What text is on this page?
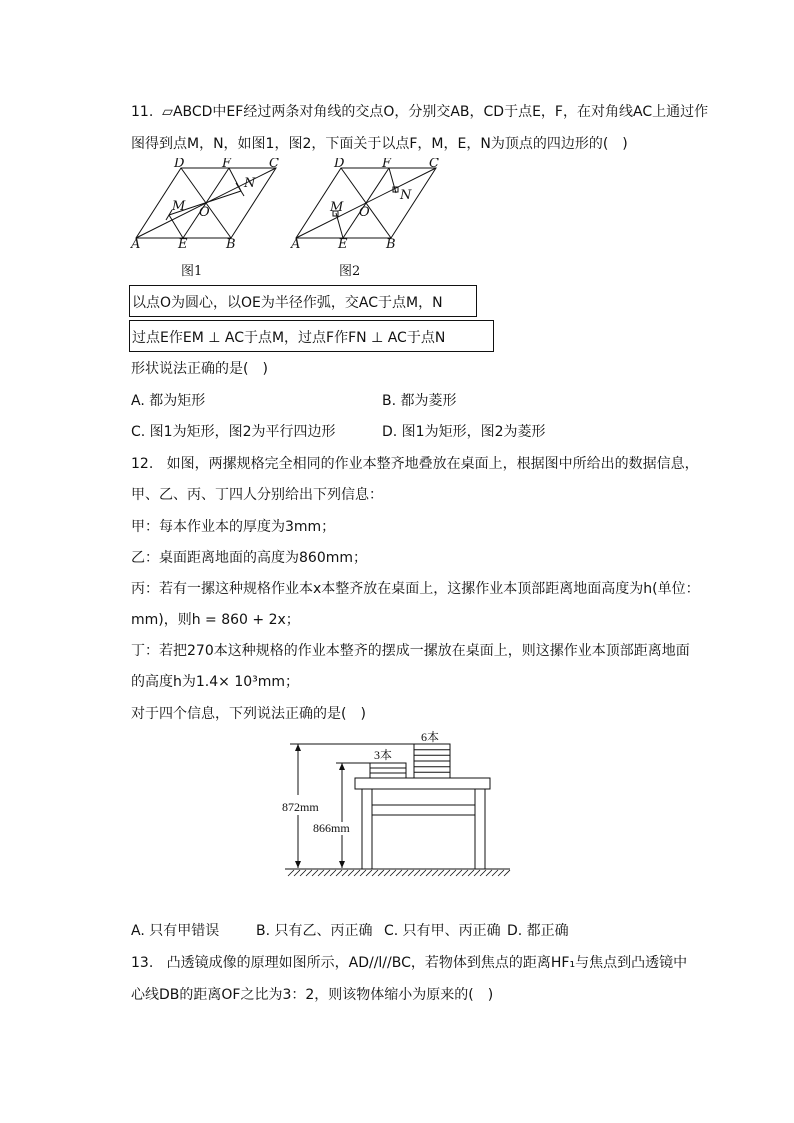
11. ▱ABCD中EF经过两条对角线的交点O，分别交AB，CD于点E，F，在对角线AC上通过作
图得到点M，N，如图1，图2，下面关于以点F，M，E，N为顶点的四边形的(　)
D	F	C
N
M O
A	E	B
图1
D	F	C
N
M O
A	E	B
图2
以点O为圆心，以OE为半径作弧，交AC于点M，N
过点E作EM ⊥ AC于点M，过点F作FN ⊥ AC于点N
形状说法正确的是(　)
A. 都为矩形	B. 都为菱形
C. 图1为矩形，图2为平行四边形	D. 图1为矩形，图2为菱形
12. 如图，两摞规格完全相同的作业本整齐地叠放在桌面上，根据图中所给出的数据信息，
甲、乙、丙、丁四人分别给出下列信息：
甲：每本作业本的厚度为3mm；
乙：桌面距离地面的高度为860mm；
丙：若有一摞这种规格作业本x本整齐放在桌面上，这摞作业本顶部距离地面高度为h(单位：
mm)，则h = 860 + 2x；
丁：若把270本这种规格的作业本整齐的摆成一摞放在桌面上，则这摞作业本顶部距离地面
的高度h为1.4× 10³mm；
对于四个信息，下列说法正确的是(　)
3本
6本
872mm
866mm
A. 只有甲错误	B. 只有乙、丙正确 C. 只有甲、丙正确 D. 都正确
13. 凸透镜成像的原理如图所示，AD//l//BC，若物体到焦点的距离HF₁与焦点到凸透镜中
心线DB的距离OF之比为3：2，则该物体缩小为原来的(　)
